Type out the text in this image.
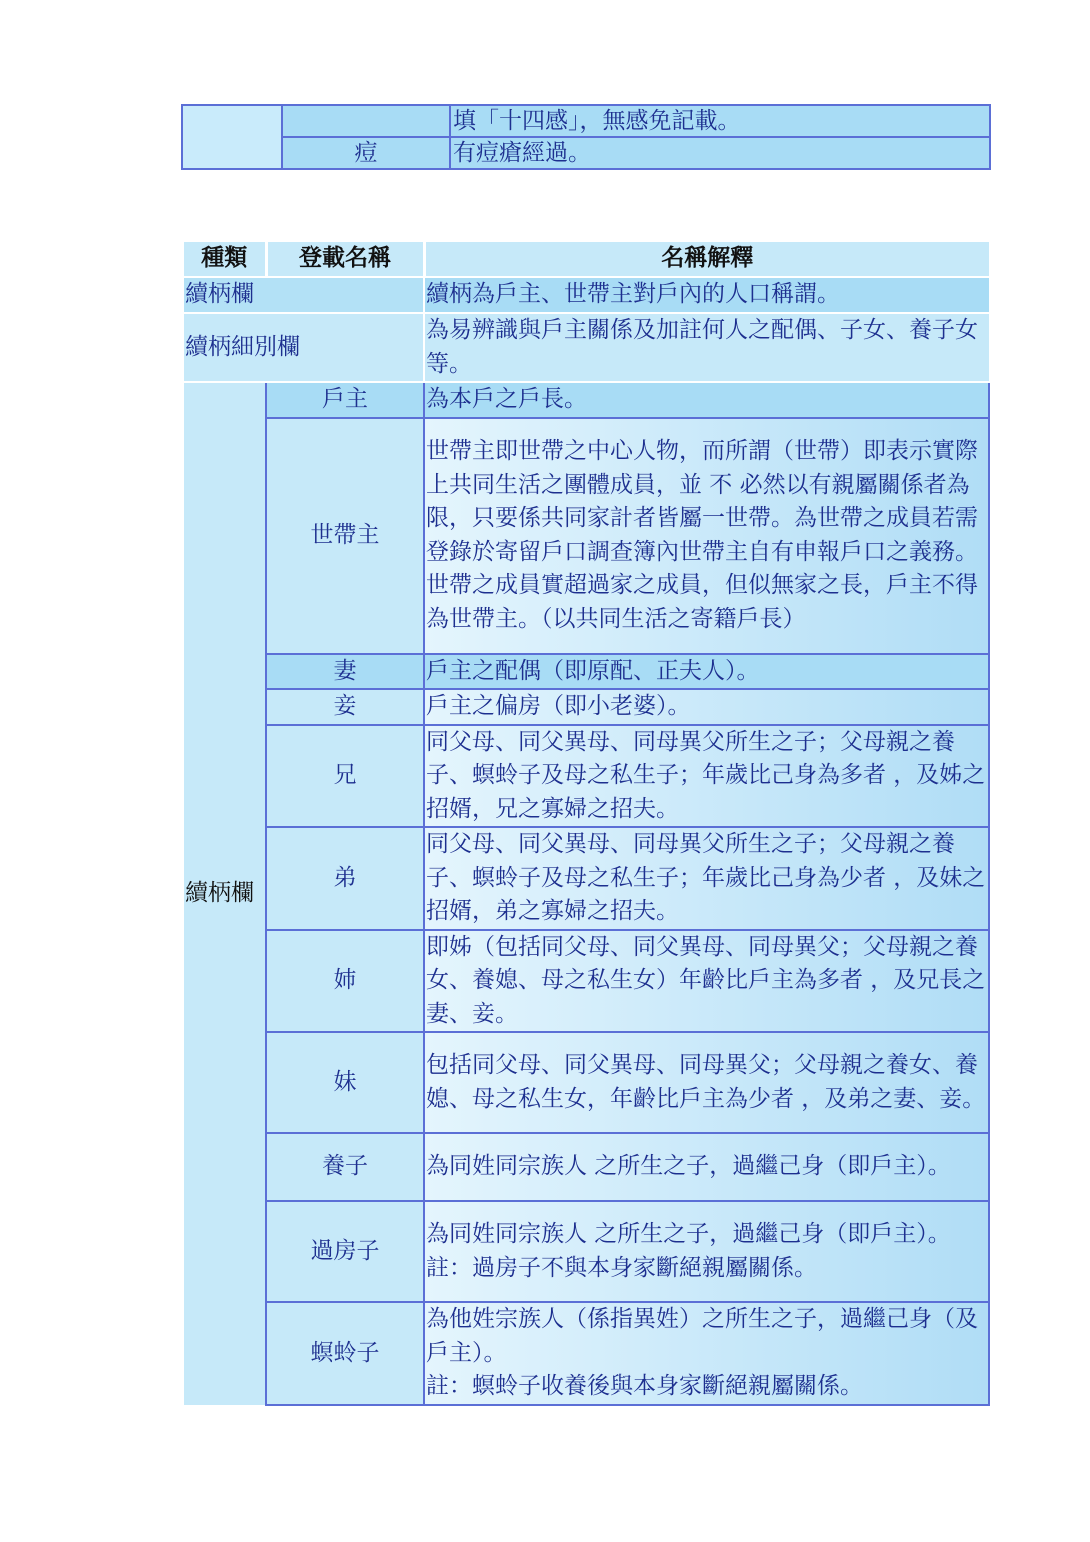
		填「十四感」，無感免記載。
	痘	有痘瘡經過。
種類	登載名稱	名稱解釋
續柄欄		續柄為戶主、世帶主對戶內的人口稱謂。
續柄細別欄		為易辨識與戶主關係及加註何人之配偶、子女、養子女等。
續柄欄	戶主	為本戶之戶長。
	世帶主	世帶主即世帶之中心人物，而所謂（世帶）即表示實際 上共同生活之團體成員，並 不 必然以有親屬關係者為限，只要係共同家計者皆屬一世帶。為世帶之成員若需登錄於寄留戶口調查簿內世帶主自有申報戶口之義務。世帶之成員實超過家之成員，但似無家之長，戶主不得為世帶主。（以共同生活之寄籍戶長）
	妻	戶主之配偶（即原配、正夫人）。
	妾	戶主之偏房（即小老婆）。
	兄	同父母、同父異母、同母異父所生之子；父母親之養子、螟蛉子及母之私生子；年歲比己身為多者 ，及姊之招婿，兄之寡婦之招夫。
	弟	同父母、同父異母、同母異父所生之子；父母親之養子、螟蛉子及母之私生子；年歲比己身為少者 ，及妹之招婿，弟之寡婦之招夫。
	姉	即姊（包括同父母、同父異母、同母異父；父母親之養女、養媳、母之私生女）年齡比戶主為多者 ，及兄長之妻、妾。
	妹	包括同父母、同父異母、同母異父；父母親之養女、養媳、母之私生女，年齡比戶主為少者 ，及弟之妻、妾。
	養子	為同姓同宗族人 之所生之子，過繼己身（即戶主）。
	過房子	為同姓同宗族人 之所生之子，過繼己身（即戶主）。
註：過房子不與本身家斷絕親屬關係。
	螟蛉子	為他姓宗族人（係指異姓）之所生之子，過繼己身（及戶主）。
註：螟蛉子收養後與本身家斷絕親屬關係。
